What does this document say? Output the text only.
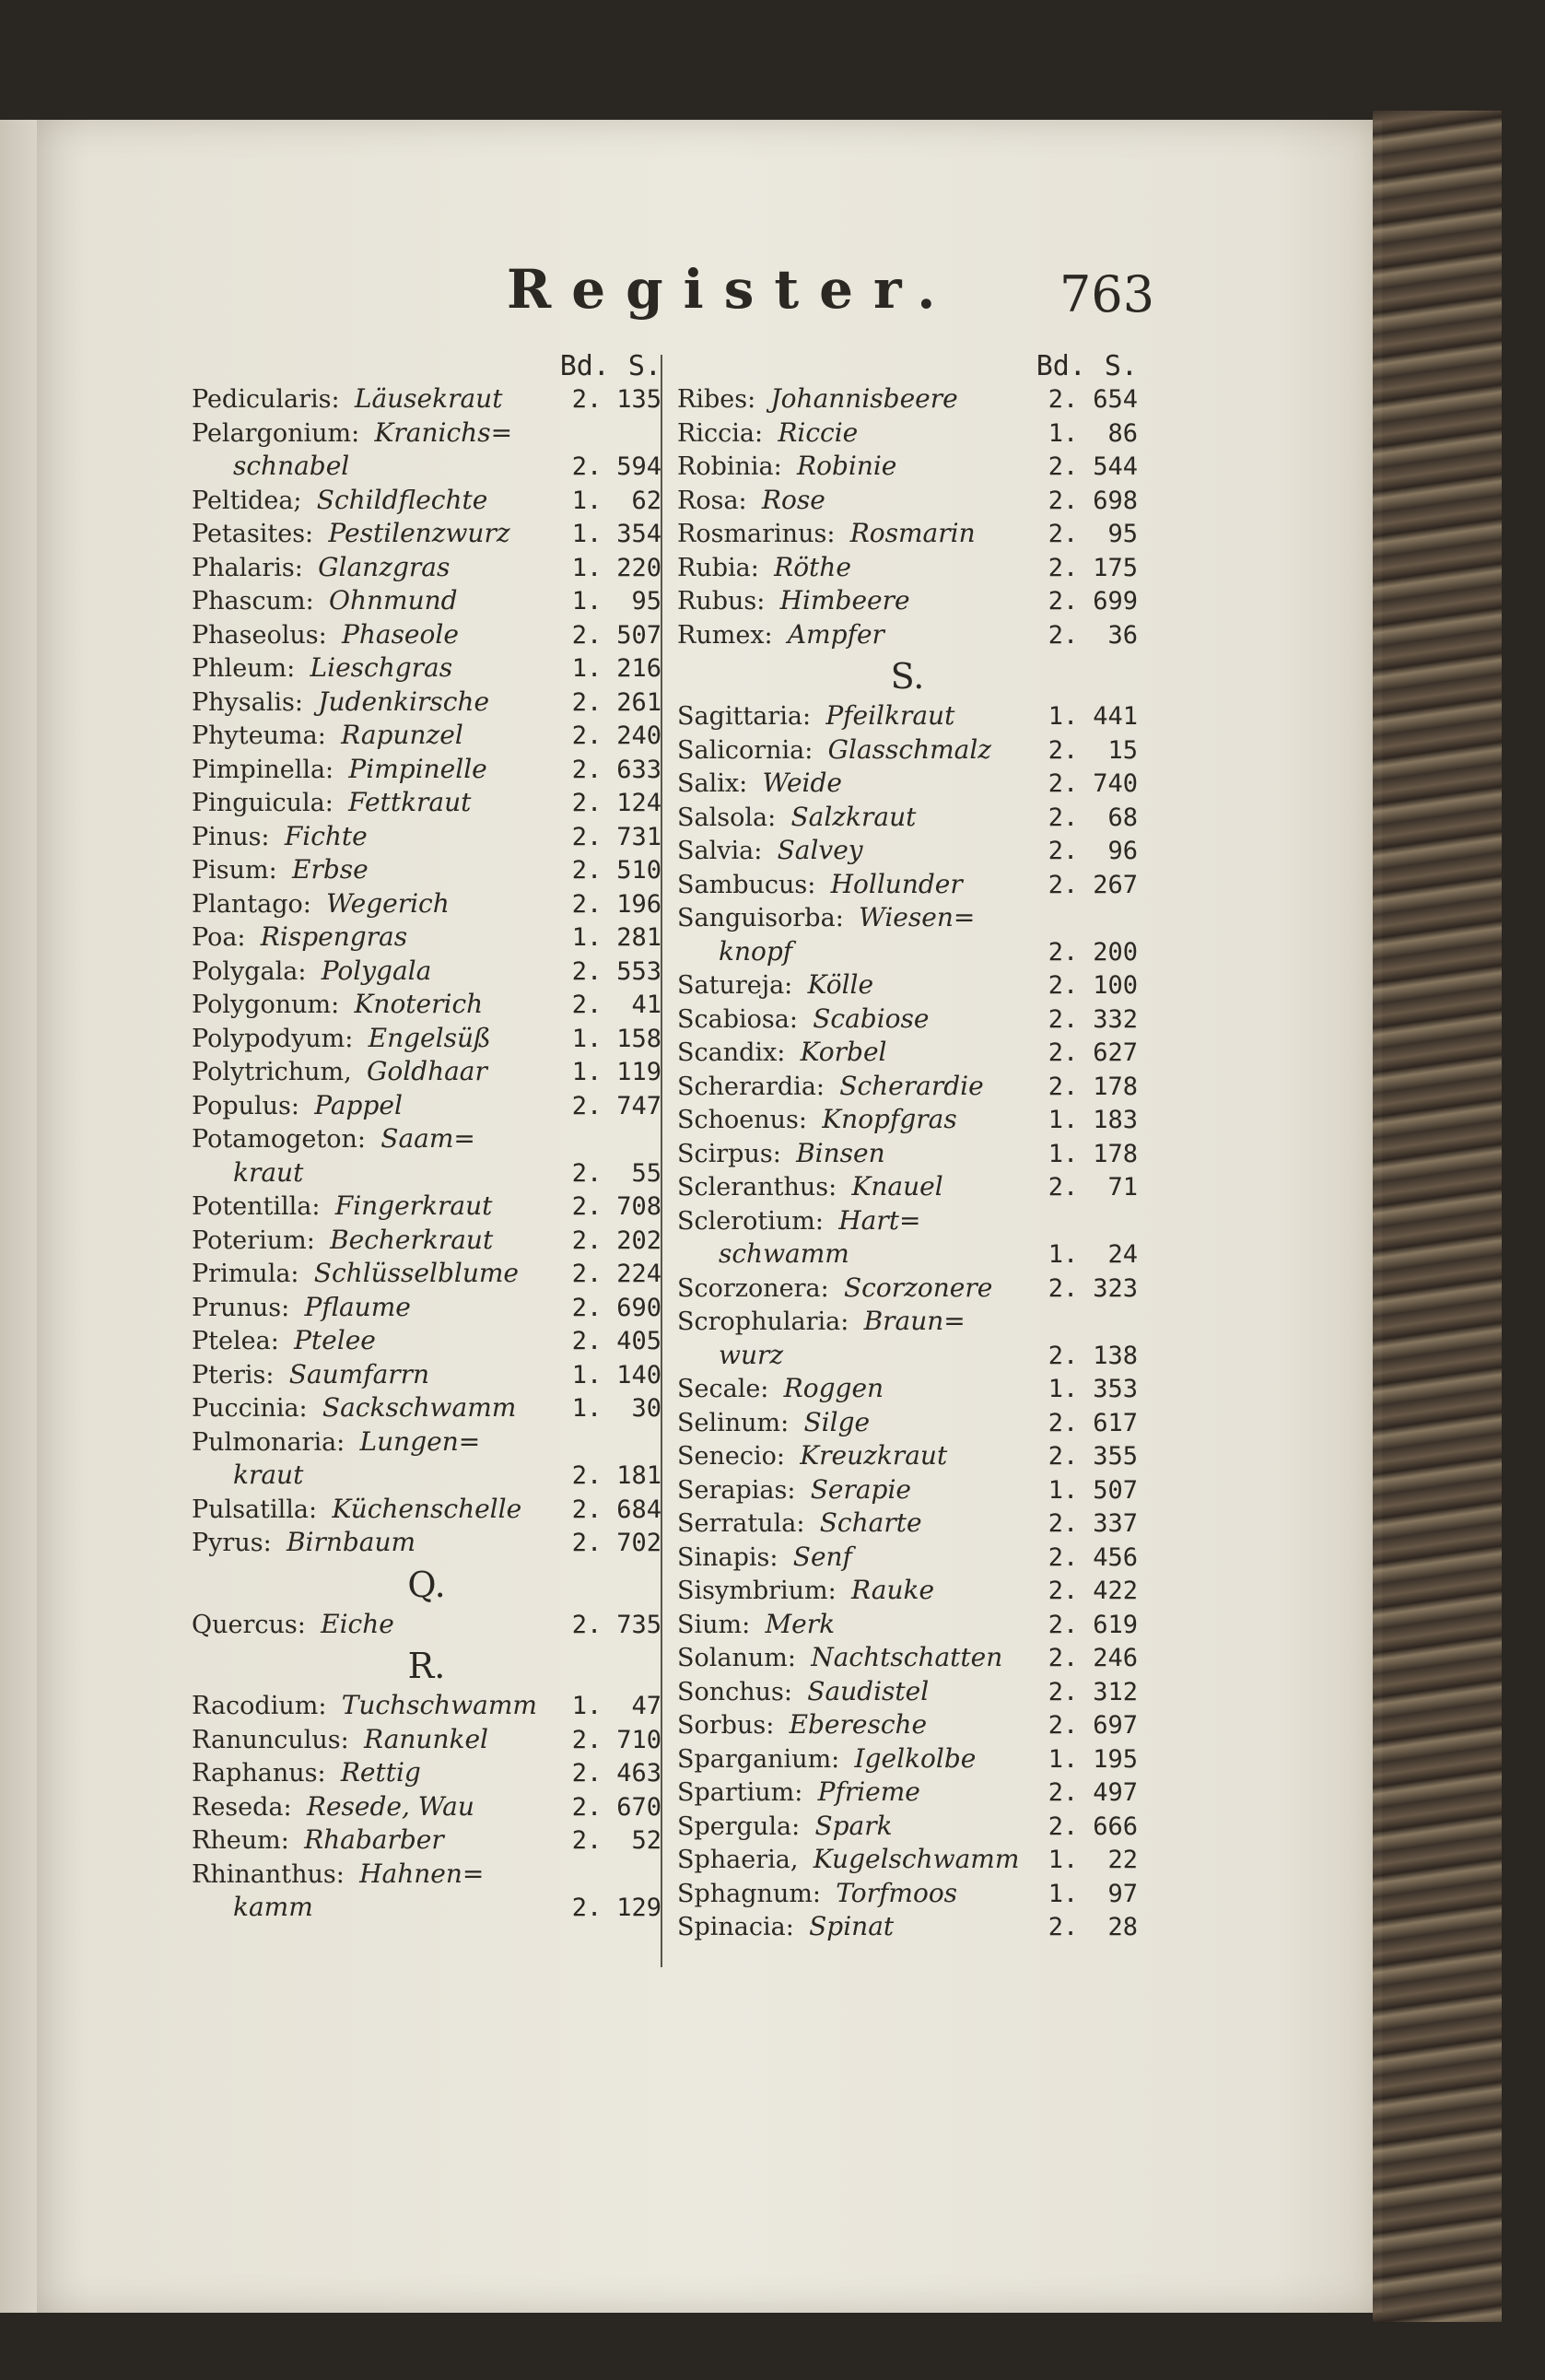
Register. 763
Bd. S.
Pedicularis: Läusekraut	2. 135
Pelargonium: Kranichs=
schnabel	2. 594
Peltidea; Schildflechte	1.	62
Petasites: Pestilenzwurz	1. 354
Phalaris: Glanzgras	1. 220
Phascum: Ohnmund	1.	95
Phaseolus: Phaseole	2. 507
Phleum: Lieschgras	1. 216
Physalis: Judenkirsche	2. 261
Phyteuma: Rapunzel	2. 240
Pimpinella: Pimpinelle	2. 633
Pinguicula: Fettkraut	2. 124
Pinus: Fichte	2. 731
Pisum: Erbse	2. 510
Plantago: Wegerich	2. 196
Poa: Rispengras	1. 281
Polygala: Polygala	2. 553
Polygonum: Knoterich	2.	41
Polypodyum: Engelsüß	1. 158
Polytrichum, Goldhaar	1. 119
Populus: Pappel	2. 747
Potamogeton: Saam=
kraut	2.	55
Potentilla: Fingerkraut	2. 708
Poterium: Becherkraut	2. 202
Primula: Schlüsselblume	2. 224
Prunus: Pflaume	2. 690
Ptelea: Ptelee	2. 405
Pteris: Saumfarrn	1. 140
Puccinia: Sackschwamm	1.	30
Pulmonaria: Lungen=
kraut	2. 181
Pulsatilla: Küchenschelle	2. 684
Pyrus: Birnbaum	2. 702
Q.
Quercus: Eiche	2. 735
R.
Racodium: Tuchschwamm	1.	47
Ranunculus: Ranunkel	2. 710
Raphanus: Rettig	2. 463
Reseda: Resede, Wau	2. 670
Rheum: Rhabarber	2.	52
Rhinanthus: Hahnen=
kamm	2. 129
Bd. S.
Ribes: Johannisbeere	2. 654
Riccia: Riccie	1.	86
Robinia: Robinie	2. 544
Rosa: Rose	2. 698
Rosmarinus: Rosmarin	2.	95
Rubia: Röthe	2. 175
Rubus: Himbeere	2. 699
Rumex: Ampfer	2.	36
S.
Sagittaria: Pfeilkraut	1. 441
Salicornia: Glasschmalz	2.	15
Salix: Weide	2. 740
Salsola: Salzkraut	2.	68
Salvia: Salvey	2.	96
Sambucus: Hollunder	2. 267
Sanguisorba: Wiesen=
knopf	2. 200
Satureja: Kölle	2. 100
Scabiosa: Scabiose	2. 332
Scandix: Korbel	2. 627
Scherardia: Scherardie	2. 178
Schoenus: Knopfgras	1. 183
Scirpus: Binsen	1. 178
Scleranthus: Knauel	2.	71
Sclerotium: Hart=
schwamm	1.	24
Scorzonera: Scorzonere	2. 323
Scrophularia: Braun=
wurz	2. 138
Secale: Roggen	1. 353
Selinum: Silge	2. 617
Senecio: Kreuzkraut	2. 355
Serapias: Serapie	1. 507
Serratula: Scharte	2. 337
Sinapis: Senf	2. 456
Sisymbrium: Rauke	2. 422
Sium: Merk	2. 619
Solanum: Nachtschatten	2. 246
Sonchus: Saudistel	2. 312
Sorbus: Ebereschе	2. 697
Sparganium: Igelkolbe	1. 195
Spartium: Pfrieme	2. 497
Spergula: Spark	2. 666
Sphaeria, Kugelschwamm	1.	22
Sphagnum: Torfmoos	1.	97
Spinacia: Spinat	2.	28
